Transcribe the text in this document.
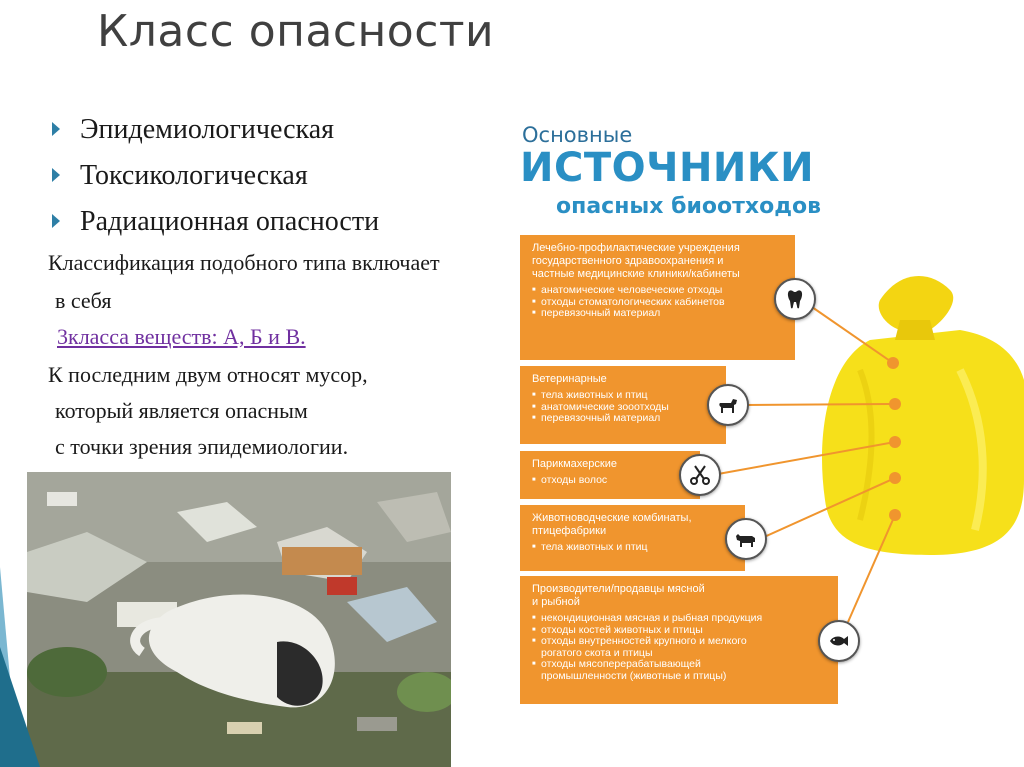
Класс опасности
Эпидемиологическая
Токсикологическая
Радиационная опасности
Классификация подобного типа включает
в себя
3класса веществ: А, Б и В.
К последним двум относят мусор,
который является опасным
с точки зрения эпидемиологии.
Основные
ИСТОЧНИКИ
опасных биоотходов
Лечебно-профилактические учреждения государственного здравоохранения и частные медицинские клиники/кабинеты
■ анатомические человеческие отходы
■ отходы стоматологических кабинетов
■ перевязочный материал
Ветеринарные
■ тела животных и птиц
■ анатомические зооотходы
■ перевязочный материал
Парикмахерские
■ отходы волос
Животноводческие комбинаты, птицефабрики
■ тела животных и птиц
Производители/продавцы мясной и рыбной
■ некондиционная мясная и рыбная продукция
■ отходы костей животных и птицы
■ отходы внутренностей крупного и мелкого рогатого скота и птицы
■ отходы мясоперерабатывающей промышленности (животные и птицы)
